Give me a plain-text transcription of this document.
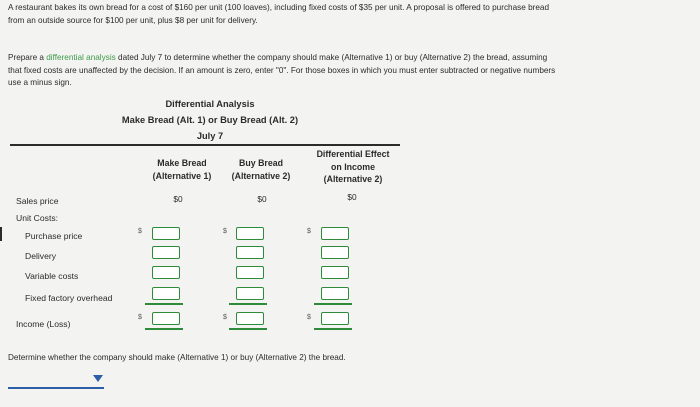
A restaurant bakes its own bread for a cost of $160 per unit (100 loaves), including fixed costs of $35 per unit. A proposal is offered to purchase bread
from an outside source for $100 per unit, plus $8 per unit for delivery.
Prepare a differential analysis dated July 7 to determine whether the company should make (Alternative 1) or buy (Alternative 2) the bread, assuming
that fixed costs are unaffected by the decision. If an amount is zero, enter "0". For those boxes in which you must enter subtracted or negative numbers
use a minus sign.
Differential Analysis
Make Bread (Alt. 1) or Buy Bread (Alt. 2)
July 7
Make Bread
(Alternative 1)
Buy Bread
(Alternative 2)
Differential Effect
on Income
(Alternative 2)
$0	$0	$0
Sales price
Unit Costs:
Purchase price
Delivery
Variable costs
Fixed factory overhead
Income (Loss)
$
$
$
$
$
$
Determine whether the company should make (Alternative 1) or buy (Alternative 2) the bread.
